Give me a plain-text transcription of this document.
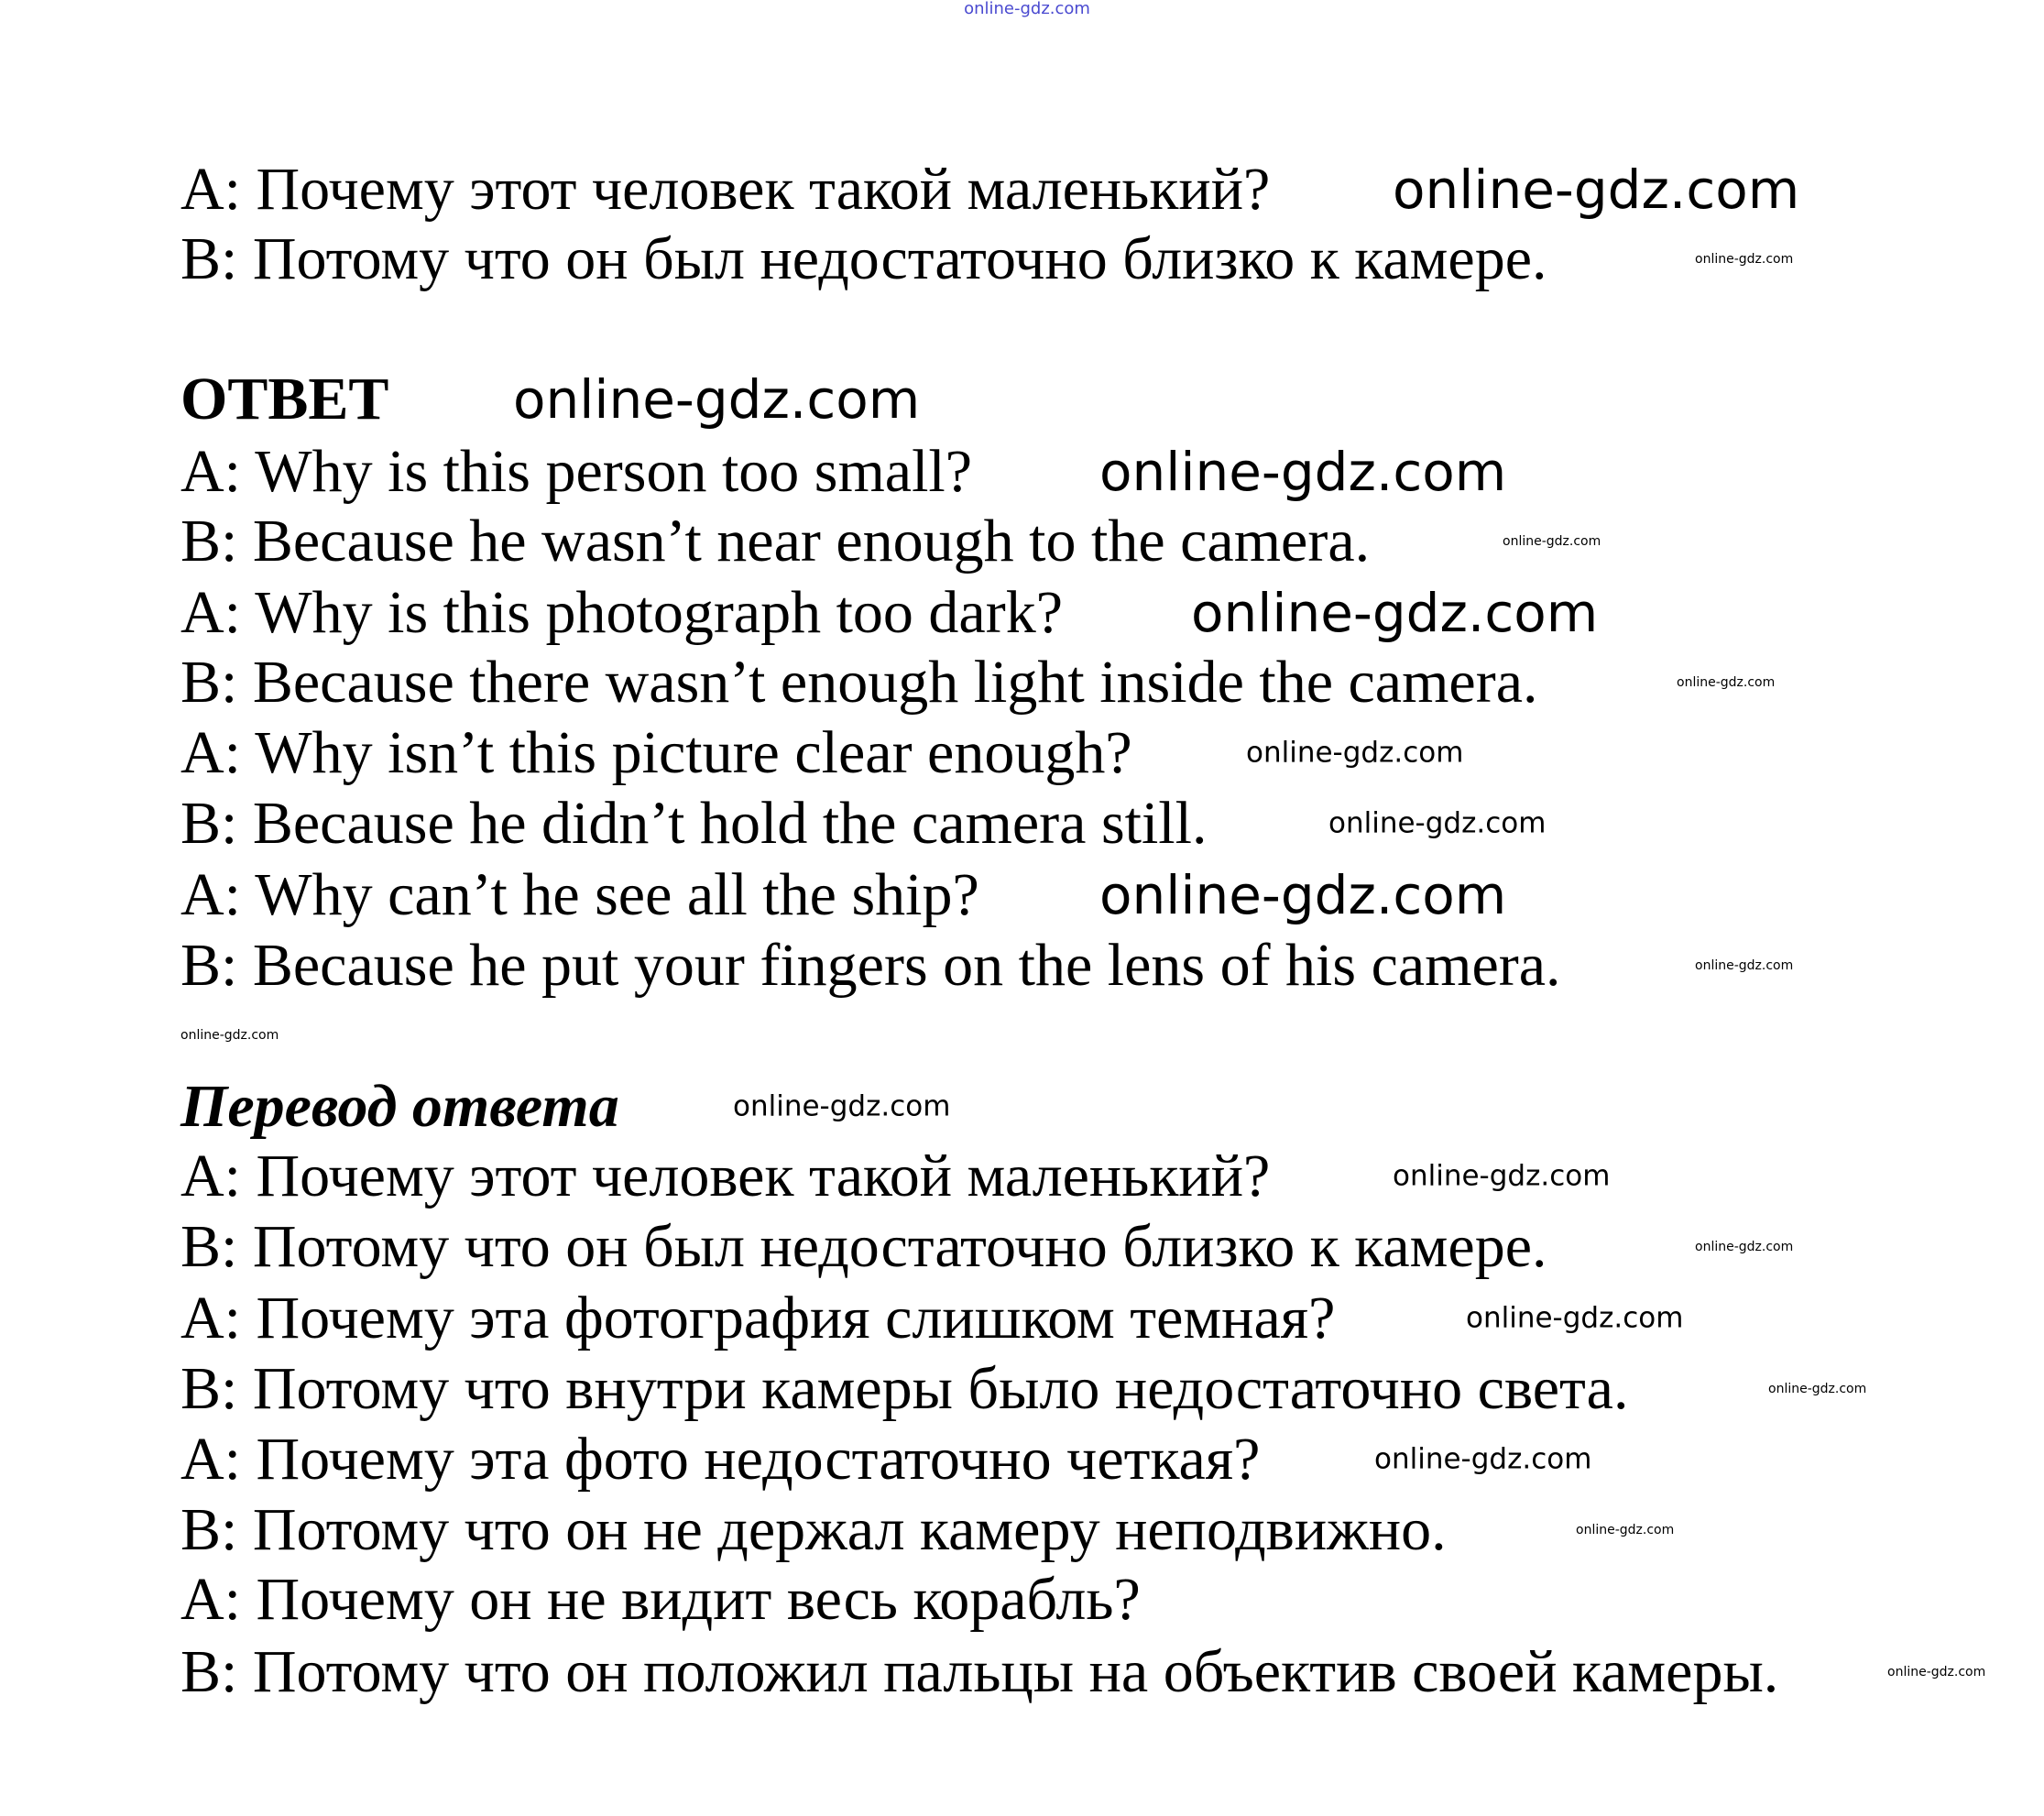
A: Почему этот человек такой маленький?
B: Потому что он был недостаточно близко к камере.
ОТВЕТ
A: Why is this person too small?
B: Because he wasn’t near enough to the camera.
A: Why is this photograph too dark?
B: Because there wasn’t enough light inside the camera.
A: Why isn’t this picture clear enough?
B: Because he didn’t hold the camera still.
A: Why can’t he see all the ship?
B: Because he put your fingers on the lens of his camera.
Перевод ответа
A: Почему этот человек такой маленький?
B: Потому что он был недостаточно близко к камере.
A: Почему эта фотография слишком темная?
B: Потому что внутри камеры было недостаточно света.
A: Почему эта фото недостаточно четкая?
B: Потому что он не держал камеру неподвижно.
A: Почему он не видит весь корабль?
B: Потому что он положил пальцы на объектив своей камеры.
online-gdz.com
online-gdz.com
online-gdz.com
online-gdz.com
online-gdz.com
online-gdz.com
online-gdz.com
online-gdz.com
online-gdz.com
online-gdz.com
online-gdz.com
online-gdz.com
online-gdz.com
online-gdz.com
online-gdz.com
online-gdz.com
online-gdz.com
online-gdz.com
online-gdz.com
online-gdz.com
online-gdz.com
